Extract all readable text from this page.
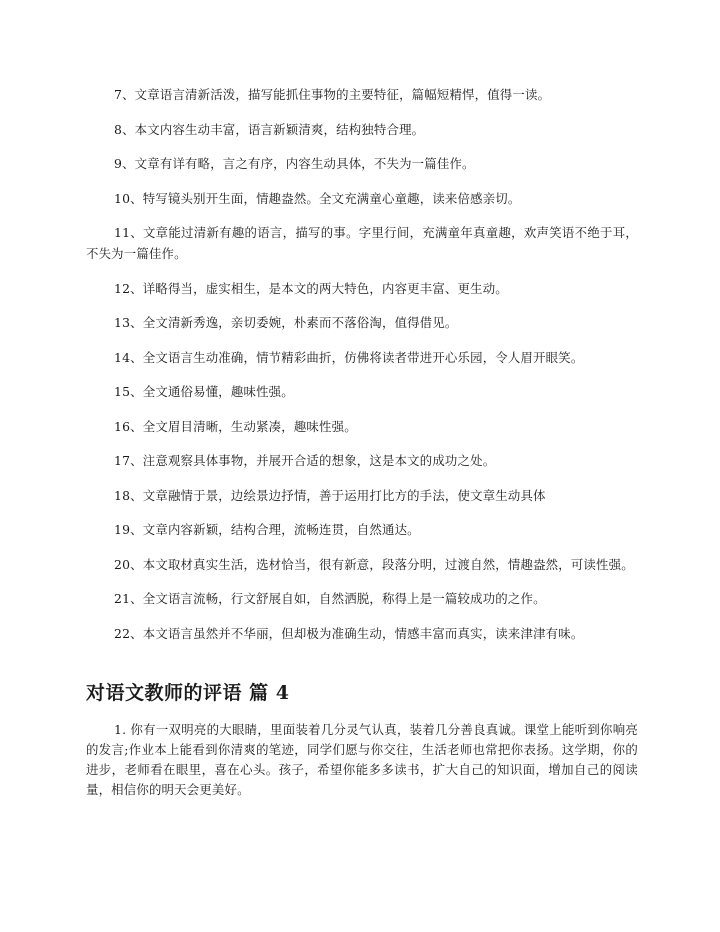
7、文章语言清新活泼，描写能抓住事物的主要特征，篇幅短精悍，值得一读。

8、本文内容生动丰富，语言新颖清爽，结构独特合理。

9、文章有详有略，言之有序，内容生动具体，不失为一篇佳作。

10、特写镜头别开生面，情趣盎然。全文充满童心童趣，读来倍感亲切。

11、文章能过清新有趣的语言，描写的事。字里行间，充满童年真童趣，欢声笑语不绝于耳，不失为一篇佳作。

12、详略得当，虚实相生，是本文的两大特色，内容更丰富、更生动。

13、全文清新秀逸，亲切委婉，朴素而不落俗淘，值得借见。

14、全文语言生动准确，情节精彩曲折，仿佛将读者带进开心乐园，令人眉开眼笑。

15、全文通俗易懂，趣味性强。

16、全文眉目清晰，生动紧凑，趣味性强。

17、注意观察具体事物，并展开合适的想象，这是本文的成功之处。

18、文章融情于景，边绘景边抒情，善于运用打比方的手法，使文章生动具体

19、文章内容新颖，结构合理，流畅连贯，自然通达。

20、本文取材真实生活，选材恰当，很有新意，段落分明，过渡自然，情趣盎然，可读性强。

21、全文语言流畅，行文舒展自如，自然洒脱，称得上是一篇较成功的之作。

22、本文语言虽然并不华丽，但却极为准确生动，情感丰富而真实，读来津津有味。

对语文教师的评语 篇 4

1. 你有一双明亮的大眼睛，里面装着几分灵气认真，装着几分善良真诚。课堂上能听到你响亮的发言;作业本上能看到你清爽的笔迹，同学们愿与你交往，生活老师也常把你表扬。这学期，你的进步，老师看在眼里，喜在心头。孩子，希望你能多多读书，扩大自己的知识面，增加自己的阅读量，相信你的明天会更美好。
